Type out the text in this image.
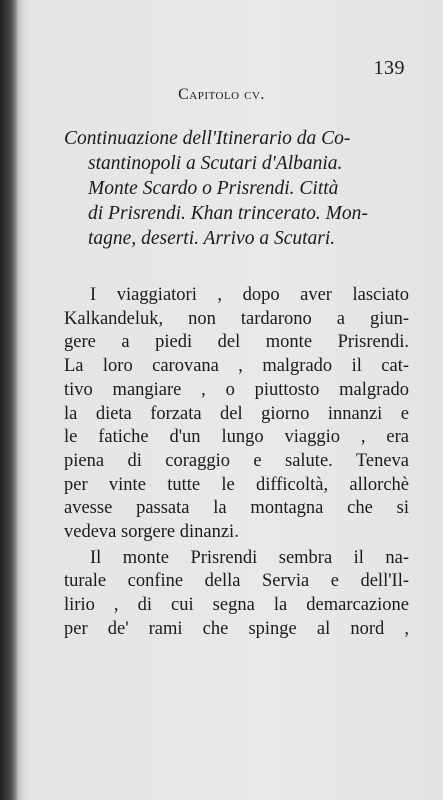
139
Capitolo cv.
Continuazione dell'Itinerario da Co-
stantinopoli a Scutari d'Albania.
Monte Scardo o Prisrendi. Città
di Prisrendi. Khan trincerato. Mon-
tagne, deserti. Arrivo a Scutari.
I viaggiatori , dopo aver lasciato
Kalkandeluk, non tardarono a giun-
gere a piedi del monte Prisrendi.
La loro carovana , malgrado il cat-
tivo mangiare , o piuttosto malgrado
la dieta forzata del giorno innanzi e
le fatiche d'un lungo viaggio , era
piena di coraggio e salute. Teneva
per vinte tutte le difficoltà, allorchè
avesse passata la montagna che si
vedeva sorgere dinanzi.
Il monte Prisrendi sembra il na-
turale confine della Servia e dell'Il-
lirio , di cui segna la demarcazione
per de' rami che spinge al nord ,
